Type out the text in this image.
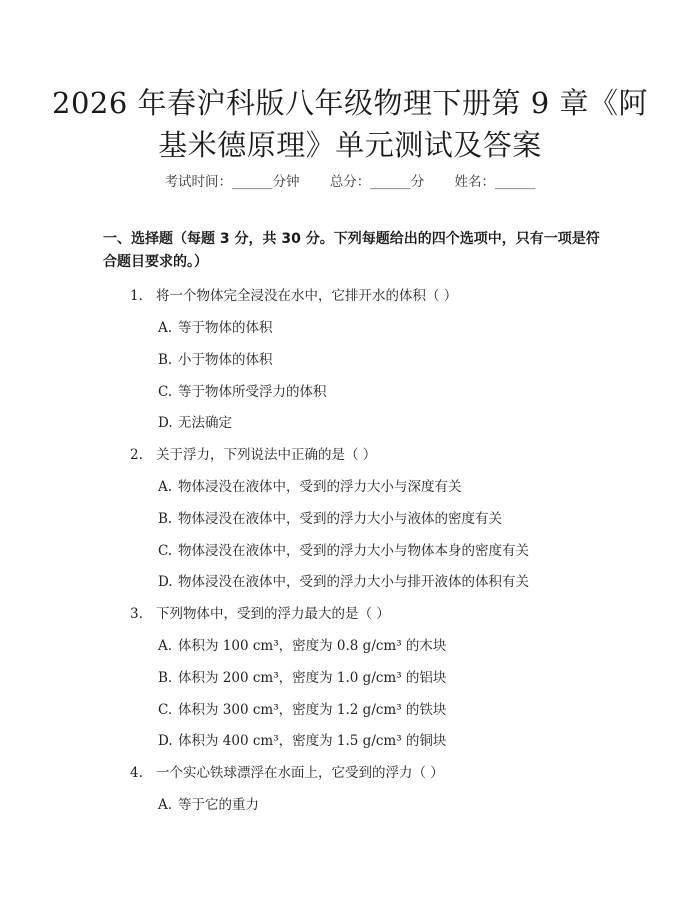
2026 年春沪科版八年级物理下册第 9 章《阿
基米德原理》单元测试及答案
考试时间：______分钟 总分：______分 姓名：______
一、选择题（每题 3 分，共 30 分。下列每题给出的四个选项中，只有一项是符合题目要求的。）
1. 将一个物体完全浸没在水中，它排开水的体积（ ）
A. 等于物体的体积
B. 小于物体的体积
C. 等于物体所受浮力的体积
D. 无法确定
2. 关于浮力，下列说法中正确的是（ ）
A. 物体浸没在液体中，受到的浮力大小与深度有关
B. 物体浸没在液体中，受到的浮力大小与液体的密度有关
C. 物体浸没在液体中，受到的浮力大小与物体本身的密度有关
D. 物体浸没在液体中，受到的浮力大小与排开液体的体积有关
3. 下列物体中，受到的浮力最大的是（ ）
A. 体积为 100 cm³，密度为 0.8 g/cm³ 的木块
B. 体积为 200 cm³，密度为 1.0 g/cm³ 的铝块
C. 体积为 300 cm³，密度为 1.2 g/cm³ 的铁块
D. 体积为 400 cm³，密度为 1.5 g/cm³ 的铜块
4. 一个实心铁球漂浮在水面上，它受到的浮力（ ）
A. 等于它的重力
